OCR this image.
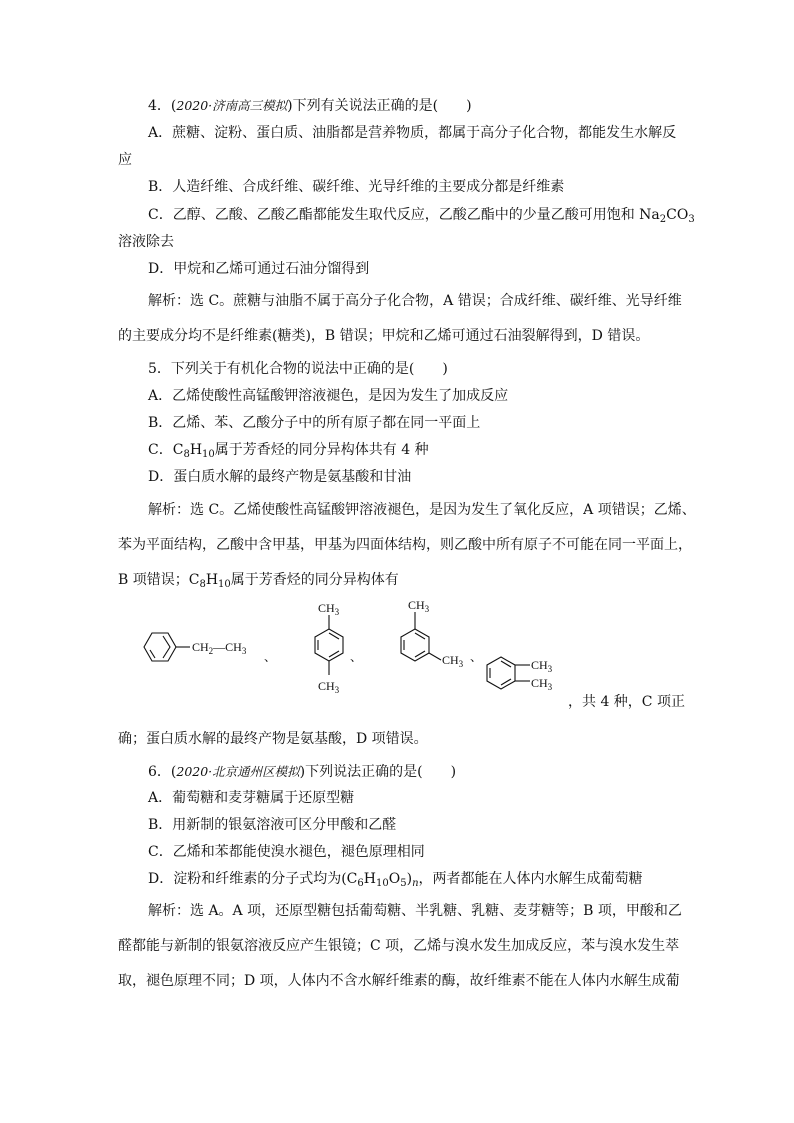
4．(2020·济南高三模拟)下列有关说法正确的是(　　)
A．蔗糖、淀粉、蛋白质、油脂都是营养物质，都属于高分子化合物，都能发生水解反
应
B．人造纤维、合成纤维、碳纤维、光导纤维的主要成分都是纤维素
C．乙醇、乙酸、乙酸乙酯都能发生取代反应，乙酸乙酯中的少量乙酸可用饱和 $Na_2CO_3$
溶液除去
D．甲烷和乙烯可通过石油分馏得到
解析：选 C。蔗糖与油脂不属于高分子化合物，A 错误；合成纤维、碳纤维、光导纤维
的主要成分均不是纤维素(糖类)，B 错误；甲烷和乙烯可通过石油裂解得到，D 错误。
5．下列关于有机化合物的说法中正确的是(　　)
A．乙烯使酸性高锰酸钾溶液褪色，是因为发生了加成反应
B．乙烯、苯、乙酸分子中的所有原子都在同一平面上
C．$C_8H_{10}$属于芳香烃的同分异构体共有 4 种
D．蛋白质水解的最终产物是氨基酸和甘油
解析：选 C。乙烯使酸性高锰酸钾溶液褪色，是因为发生了氧化反应，A 项错误；乙烯、
苯为平面结构，乙酸中含甲基，甲基为四面体结构，则乙酸中所有原子不可能在同一平面上，
B 项错误；$C_8H_{10}$属于芳香烃的同分异构体有
$CH_2—CH_3$ 、
$CH_3$
$CH_3$
、
$CH_3$
$CH_3$ 、
$CH_3$
$CH_3$
，共 4 种，C 项正
确；蛋白质水解的最终产物是氨基酸，D 项错误。
6．(2020·北京通州区模拟)下列说法正确的是(　　)
A．葡萄糖和麦芽糖属于还原型糖
B．用新制的银氨溶液可区分甲酸和乙醛
C．乙烯和苯都能使溴水褪色，褪色原理相同
D．淀粉和纤维素的分子式均为$(C_6H_{10}O_5)_n$，两者都能在人体内水解生成葡萄糖
解析：选 A。A 项，还原型糖包括葡萄糖、半乳糖、乳糖、麦芽糖等；B 项，甲酸和乙
醛都能与新制的银氨溶液反应产生银镜；C 项，乙烯与溴水发生加成反应，苯与溴水发生萃
取，褪色原理不同；D 项，人体内不含水解纤维素的酶，故纤维素不能在人体内水解生成葡
